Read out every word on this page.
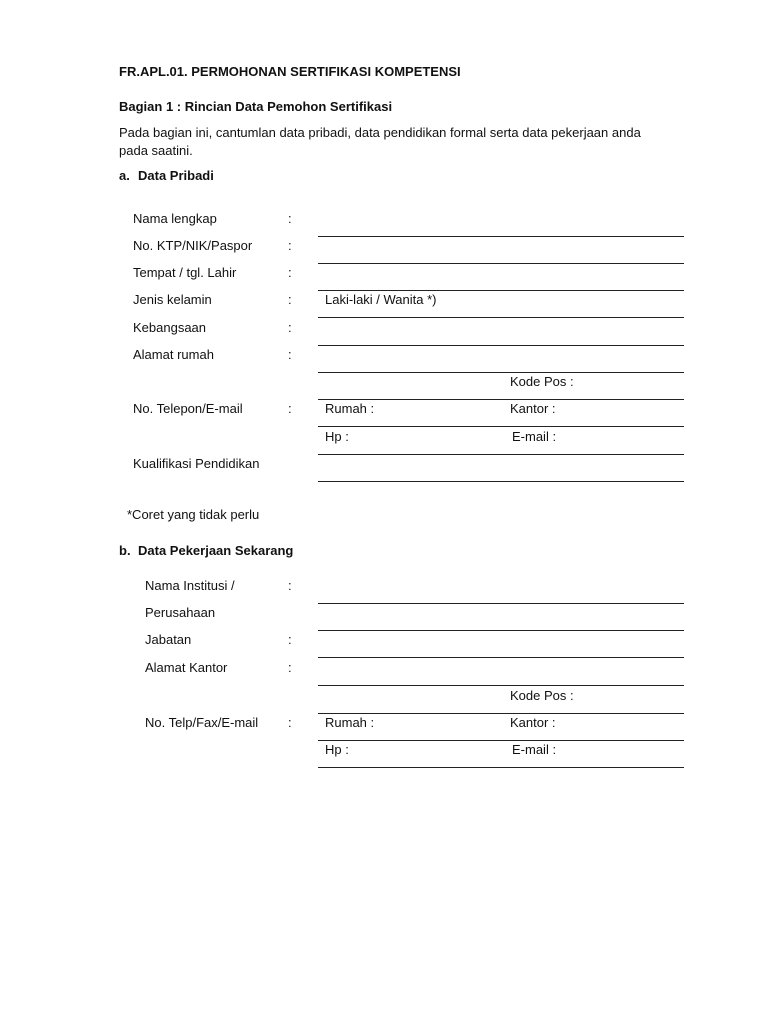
FR.APL.01. PERMOHONAN SERTIFIKASI KOMPETENSI
Bagian 1 : Rincian Data Pemohon Sertifikasi
Pada bagian ini, cantumlan data pribadi, data pendidikan formal serta data pekerjaan anda
pada saatini.
a. Data Pribadi
Nama lengkap	:
No. KTP/NIK/Paspor	:
Tempat / tgl. Lahir	:
Jenis kelamin	:	Laki-laki / Wanita *)
Kebangsaan	:
Alamat rumah	:
Kode Pos :
No. Telepon/E-mail	:	Rumah :	Kantor :
Hp :	E-mail :
Kualifikasi Pendidikan
*Coret yang tidak perlu
b. Data Pekerjaan Sekarang
Nama Institusi /	:
Perusahaan
Jabatan	:
Alamat Kantor	:
Kode Pos :
No. Telp/Fax/E-mail :	Rumah :	Kantor :
Hp :	E-mail :
